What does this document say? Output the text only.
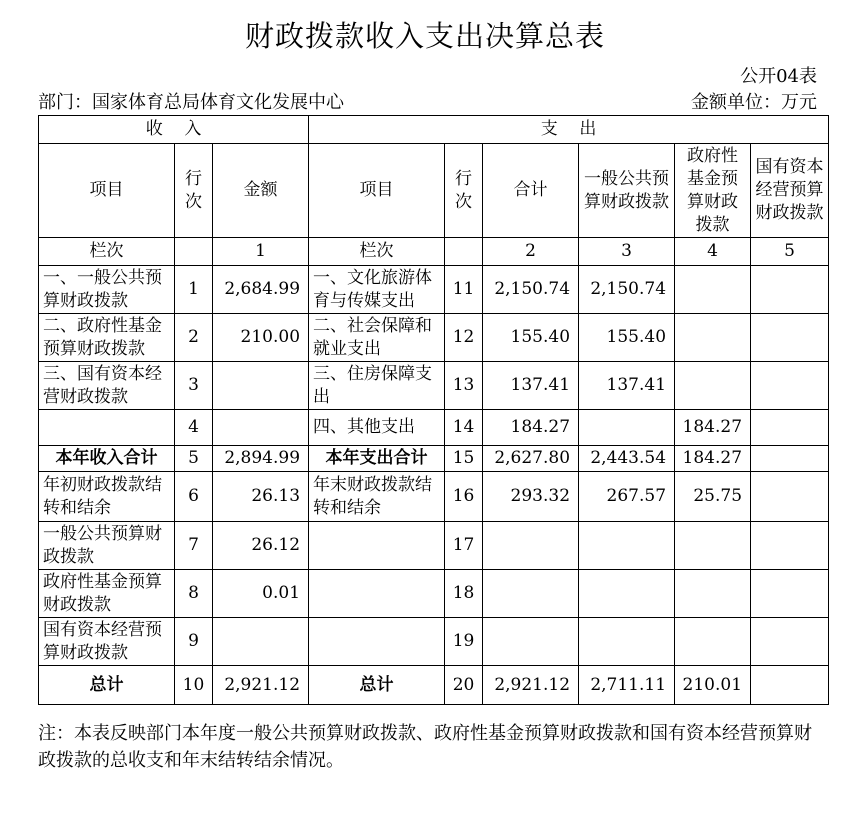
财政拨款收入支出决算总表
公开04表
部门：国家体育总局体育文化发展中心	金额单位：万元
收    入			支    出					
项目	行次	金额	项目	行次	合计	一般公共预算财政拨款	政府性基金预算财政拨款	国有资本经营预算财政拨款
栏次		1	栏次		2	3	4	5
一、一般公共预算财政拨款	1	2,684.99	一、文化旅游体育与传媒支出	11	2,150.74	2,150.74		
二、政府性基金预算财政拨款	2	210.00	二、社会保障和就业支出	12	155.40	155.40		
三、国有资本经营财政拨款	3		三、住房保障支出	13	137.41	137.41		
	4		四、其他支出	14	184.27		184.27	
本年收入合计	5	2,894.99	本年支出合计	15	2,627.80	2,443.54	184.27	
年初财政拨款结转和结余	6	26.13	年末财政拨款结转和结余	16	293.32	267.57	25.75	
一般公共预算财政拨款	7	26.12		17				
政府性基金预算财政拨款	8	0.01		18				
国有资本经营预算财政拨款	9			19				
总计	10	2,921.12	总计	20	2,921.12	2,711.11	210.01	
注：本表反映部门本年度一般公共预算财政拨款、政府性基金预算财政拨款和国有资本经营预算财政拨款的总收支和年末结转结余情况。
